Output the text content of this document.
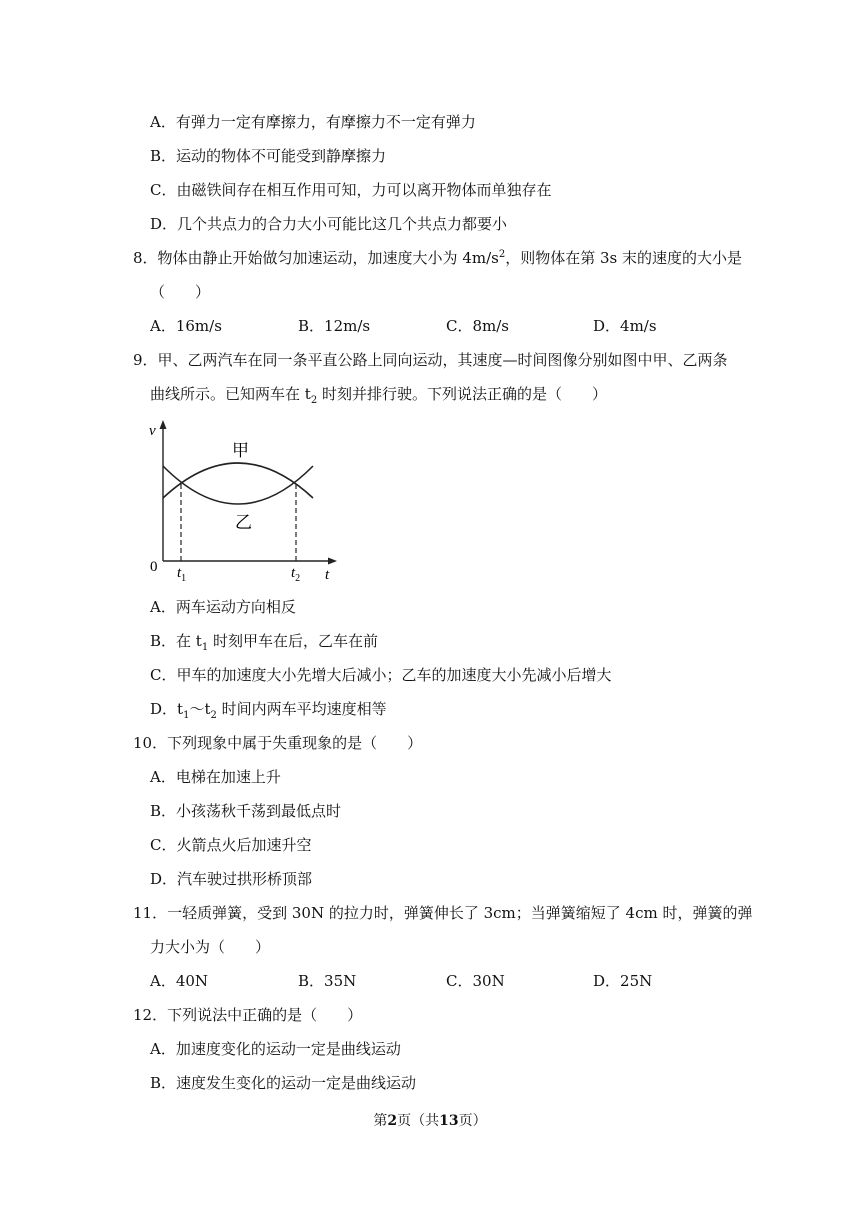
A．有弹力一定有摩擦力，有摩擦力不一定有弹力
B．运动的物体不可能受到静摩擦力
C．由磁铁间存在相互作用可知，力可以离开物体而单独存在
D．几个共点力的合力大小可能比这几个共点力都要小
8．物体由静止开始做匀加速运动，加速度大小为 $4m/s^2$，则物体在第 3s 末的速度的大小是
（　　）
A．16m/s	B．12m/s	C．8m/s	D．4m/s
9．甲、乙两汽车在同一条平直公路上同向运动，其速度—时间图像分别如图中甲、乙两条
曲线所示。已知两车在 $t_2$ 时刻并排行驶。下列说法正确的是（　　）
v
t
0 $t_1$	$t_2$
甲
乙
A．两车运动方向相反
B．在 $t_1$ 时刻甲车在后，乙车在前
C．甲车的加速度大小先增大后减小；乙车的加速度大小先减小后增大
D．$t_1\sim t_2$ 时间内两车平均速度相等
10．下列现象中属于失重现象的是（　　）
A．电梯在加速上升
B．小孩荡秋千荡到最低点时
C．火箭点火后加速升空
D．汽车驶过拱形桥顶部
11．一轻质弹簧，受到 30N 的拉力时，弹簧伸长了 3cm；当弹簧缩短了 4cm 时，弹簧的弹
力大小为（　　）
A．40N	B．35N	C．30N	D．25N
12．下列说法中正确的是（　　）
A．加速度变化的运动一定是曲线运动
B．速度发生变化的运动一定是曲线运动
第2页（共13页）
